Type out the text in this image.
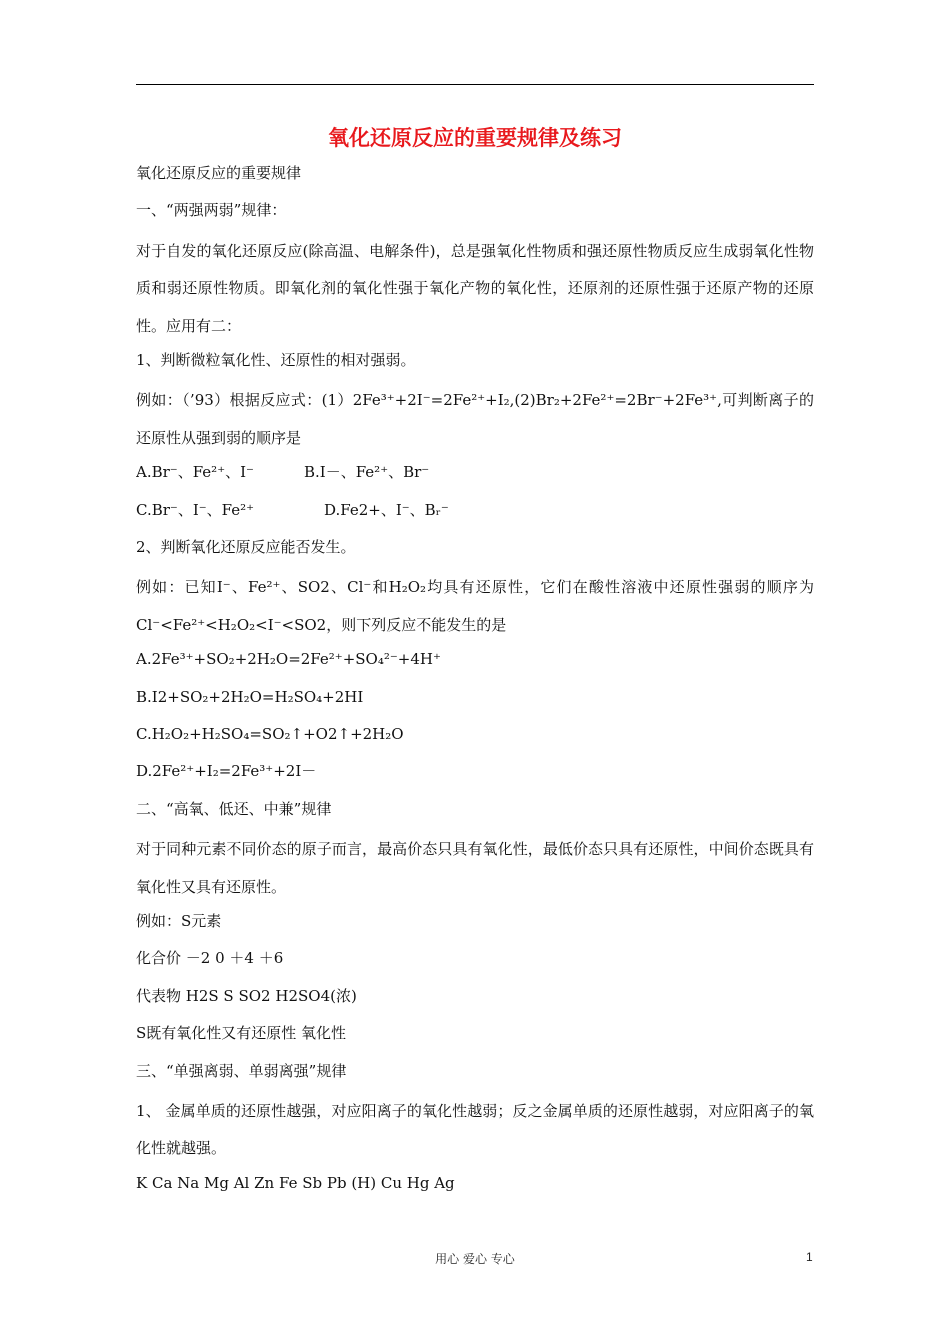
氧化还原反应的重要规律及练习
氧化还原反应的重要规律
一、“两强两弱”规律：
对于自发的氧化还原反应(除高温、电解条件)，总是强氧化性物质和强还原性物质反应生成弱氧化性物质和弱还原性物质。即氧化剂的氧化性强于氧化产物的氧化性，还原剂的还原性强于还原产物的还原性。应用有二：
1、判断微粒氧化性、还原性的相对强弱。
例如：（’93）根据反应式：(1）2Fe³⁺+2I⁻=2Fe²⁺+I₂,(2)Br₂+2Fe²⁺=2Br⁻+2Fe³⁺,可判断离子的还原性从强到弱的顺序是
A.Br⁻、Fe²⁺、I⁻	B.I－、Fe²⁺、Br⁻
C.Br⁻、I⁻、Fe²⁺	D.Fe2+、I⁻、Bᵣ⁻
2、判断氧化还原反应能否发生。
例如：已知I⁻、Fe²⁺、SO2、Cl⁻和H₂O₂均具有还原性，它们在酸性溶液中还原性强弱的顺序为Cl⁻<Fe²⁺<H₂O₂<I⁻<SO2，则下列反应不能发生的是
A.2Fe³⁺+SO₂+2H₂O=2Fe²⁺+SO₄²⁻+4H⁺
B.I2+SO₂+2H₂O=H₂SO₄+2HI
C.H₂O₂+H₂SO₄=SO₂↑+O2↑+2H₂O
D.2Fe²⁺+I₂=2Fe³⁺+2I－
二、“高氧、低还、中兼”规律
对于同种元素不同价态的原子而言，最高价态只具有氧化性，最低价态只具有还原性，中间价态既具有氧化性又具有还原性。
例如：S元素
化合价 －2 0 ＋4 ＋6
代表物 H2S S SO2 H2SO4(浓)
S既有氧化性又有还原性 氧化性
三、“单强离弱、单弱离强”规律
1、 金属单质的还原性越强，对应阳离子的氧化性越弱；反之金属单质的还原性越弱，对应阳离子的氧化性就越强。
K Ca Na Mg Al Zn Fe Sb Pb (H) Cu Hg Ag
用心 爱心 专心	1
